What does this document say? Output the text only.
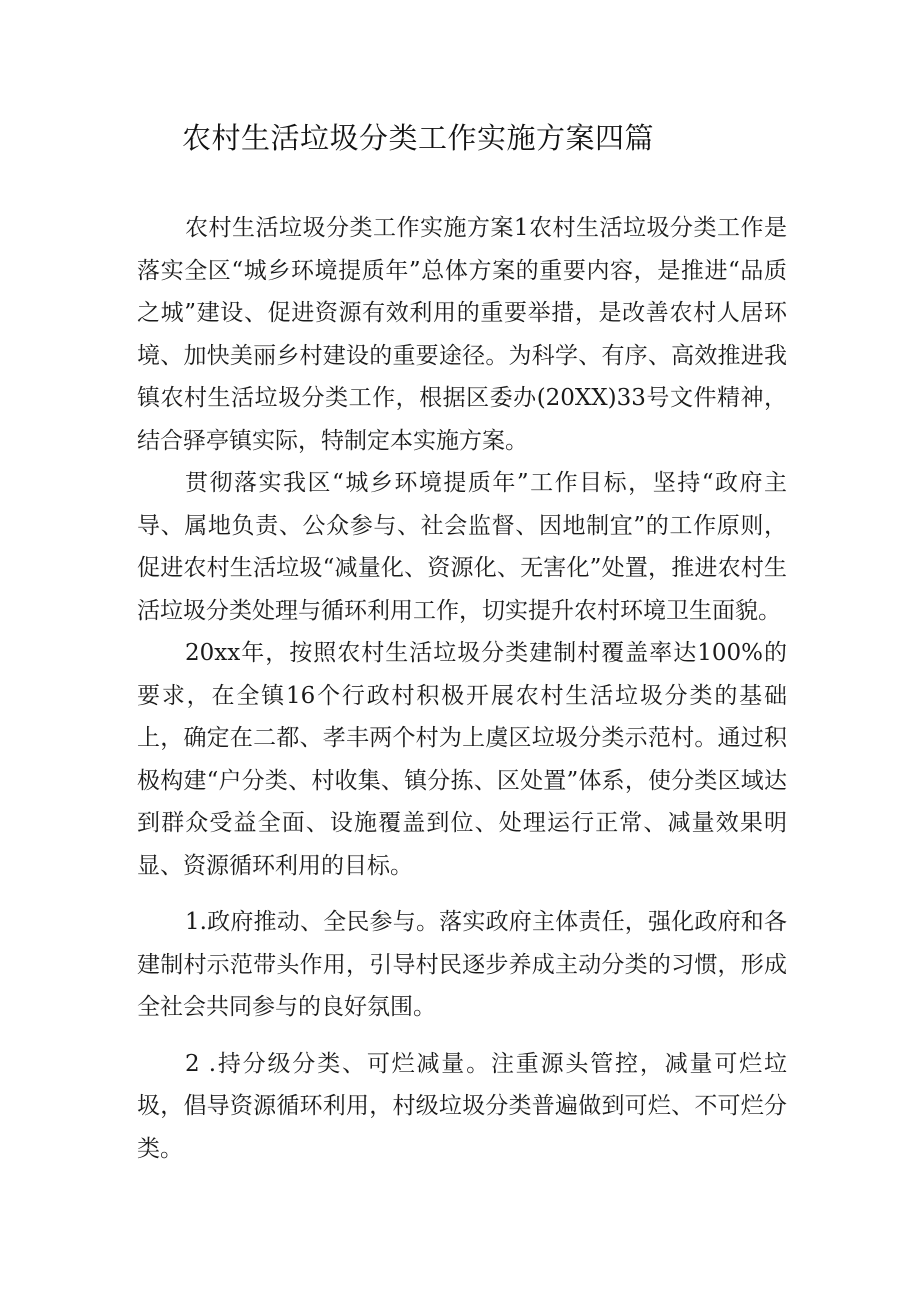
农村生活垃圾分类工作实施方案四篇

农村生活垃圾分类工作实施方案1农村生活垃圾分类工作是落实全区“城乡环境提质年”总体方案的重要内容，是推进“品质之城”建设、促进资源有效利用的重要举措，是改善农村人居环境、加快美丽乡村建设的重要途径。为科学、有序、高效推进我镇农村生活垃圾分类工作，根据区委办(20XX)33号文件精神，结合驿亭镇实际，特制定本实施方案。

贯彻落实我区“城乡环境提质年”工作目标，坚持“政府主导、属地负责、公众参与、社会监督、因地制宜”的工作原则，促进农村生活垃圾“减量化、资源化、无害化”处置，推进农村生活垃圾分类处理与循环利用工作，切实提升农村环境卫生面貌。

20xx年，按照农村生活垃圾分类建制村覆盖率达100%的要求，在全镇16个行政村积极开展农村生活垃圾分类的基础上，确定在二都、孝丰两个村为上虞区垃圾分类示范村。通过积极构建“户分类、村收集、镇分拣、区处置”体系，使分类区域达到群众受益全面、设施覆盖到位、处理运行正常、减量效果明显、资源循环利用的目标。

1.政府推动、全民参与。落实政府主体责任，强化政府和各建制村示范带头作用，引导村民逐步养成主动分类的习惯，形成全社会共同参与的良好氛围。

2 .持分级分类、可烂减量。注重源头管控，减量可烂垃圾，倡导资源循环利用，村级垃圾分类普遍做到可烂、不可烂分类。
